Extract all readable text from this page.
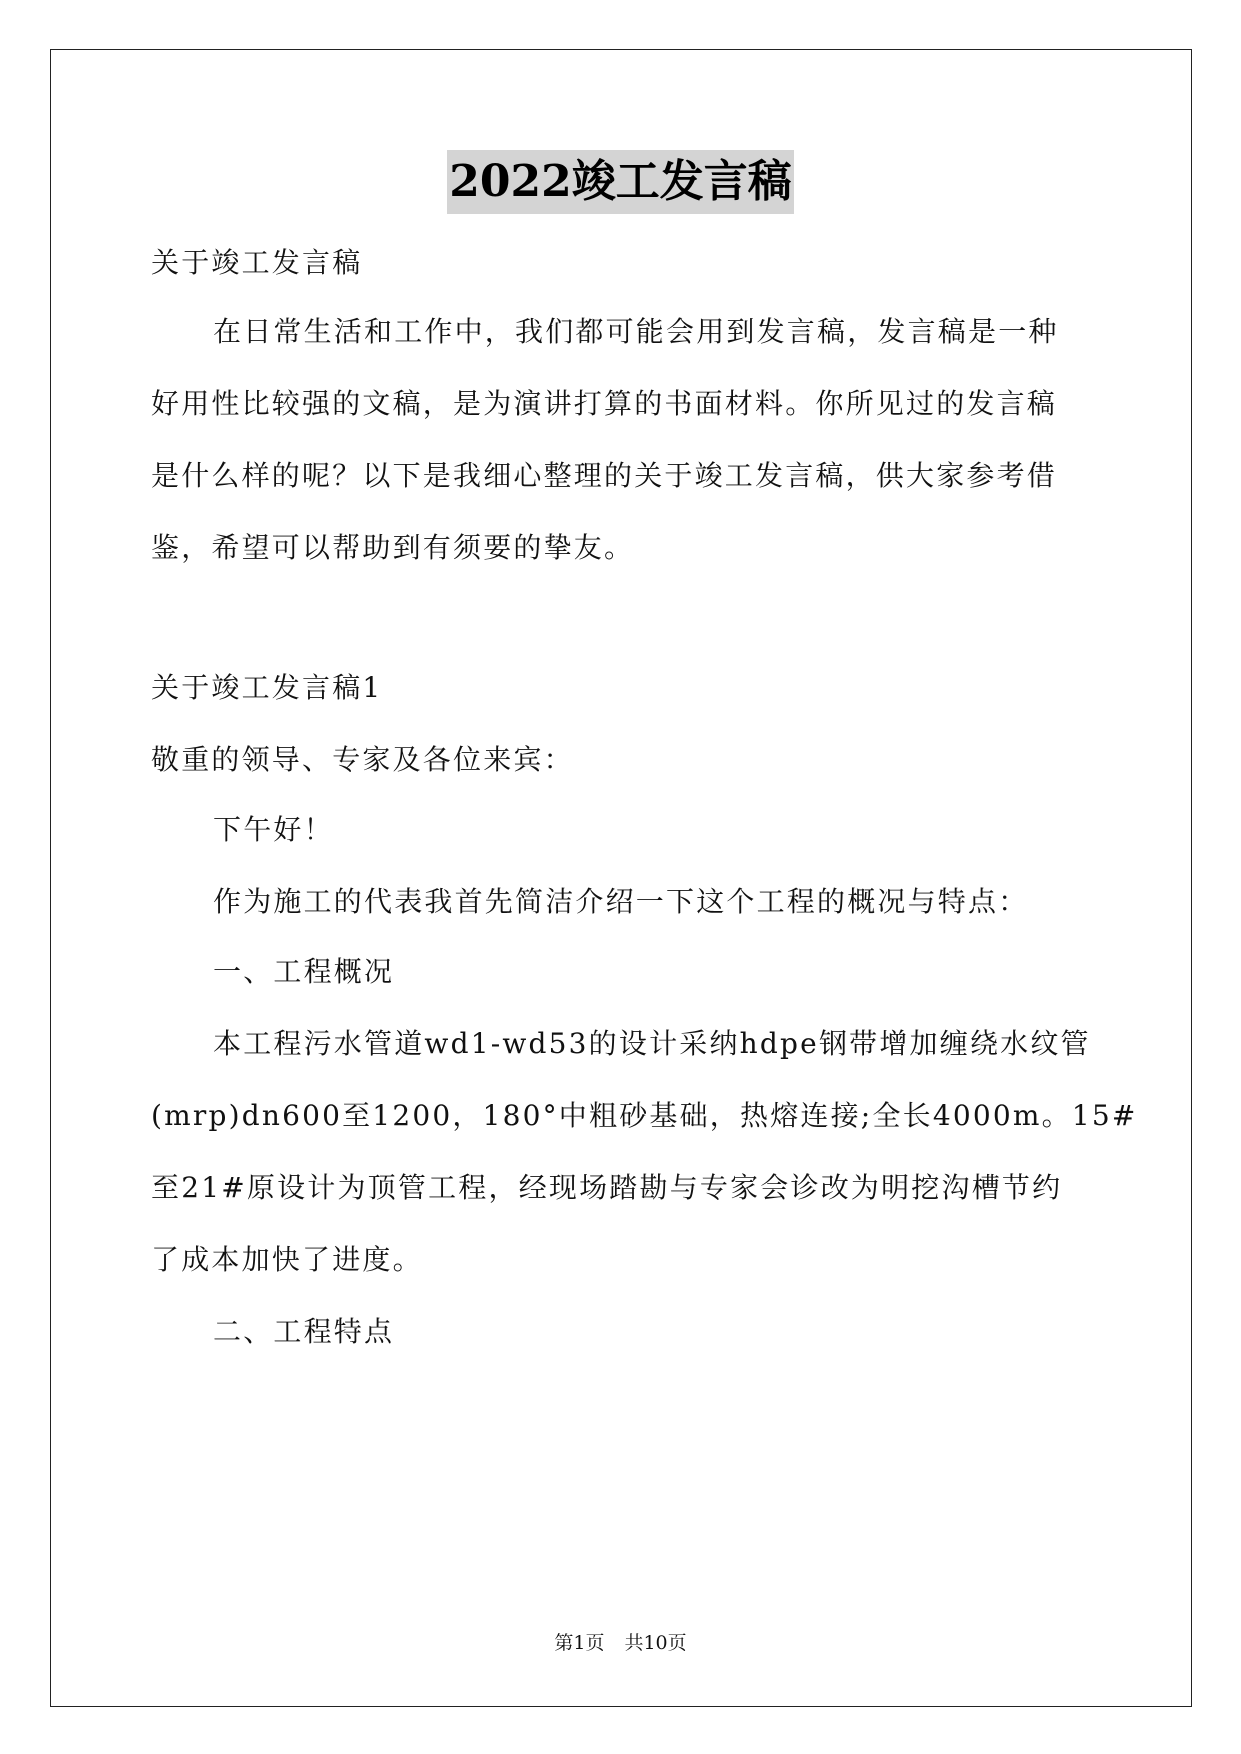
2022竣工发言稿
关于竣工发言稿
在日常生活和工作中，我们都可能会用到发言稿，发言稿是一种
好用性比较强的文稿，是为演讲打算的书面材料。你所见过的发言稿
是什么样的呢？以下是我细心整理的关于竣工发言稿，供大家参考借
鉴，希望可以帮助到有须要的挚友。
关于竣工发言稿1
敬重的领导、专家及各位来宾：
下午好！
作为施工的代表我首先简洁介绍一下这个工程的概况与特点：
一、工程概况
本工程污水管道wd1-wd53的设计采纳hdpe钢带增加缠绕水纹管
(mrp)dn600至1200，180°中粗砂基础，热熔连接;全长4000m。15#
至21#原设计为顶管工程，经现场踏勘与专家会诊改为明挖沟槽节约
了成本加快了进度。
二、工程特点
第1页 共10页
